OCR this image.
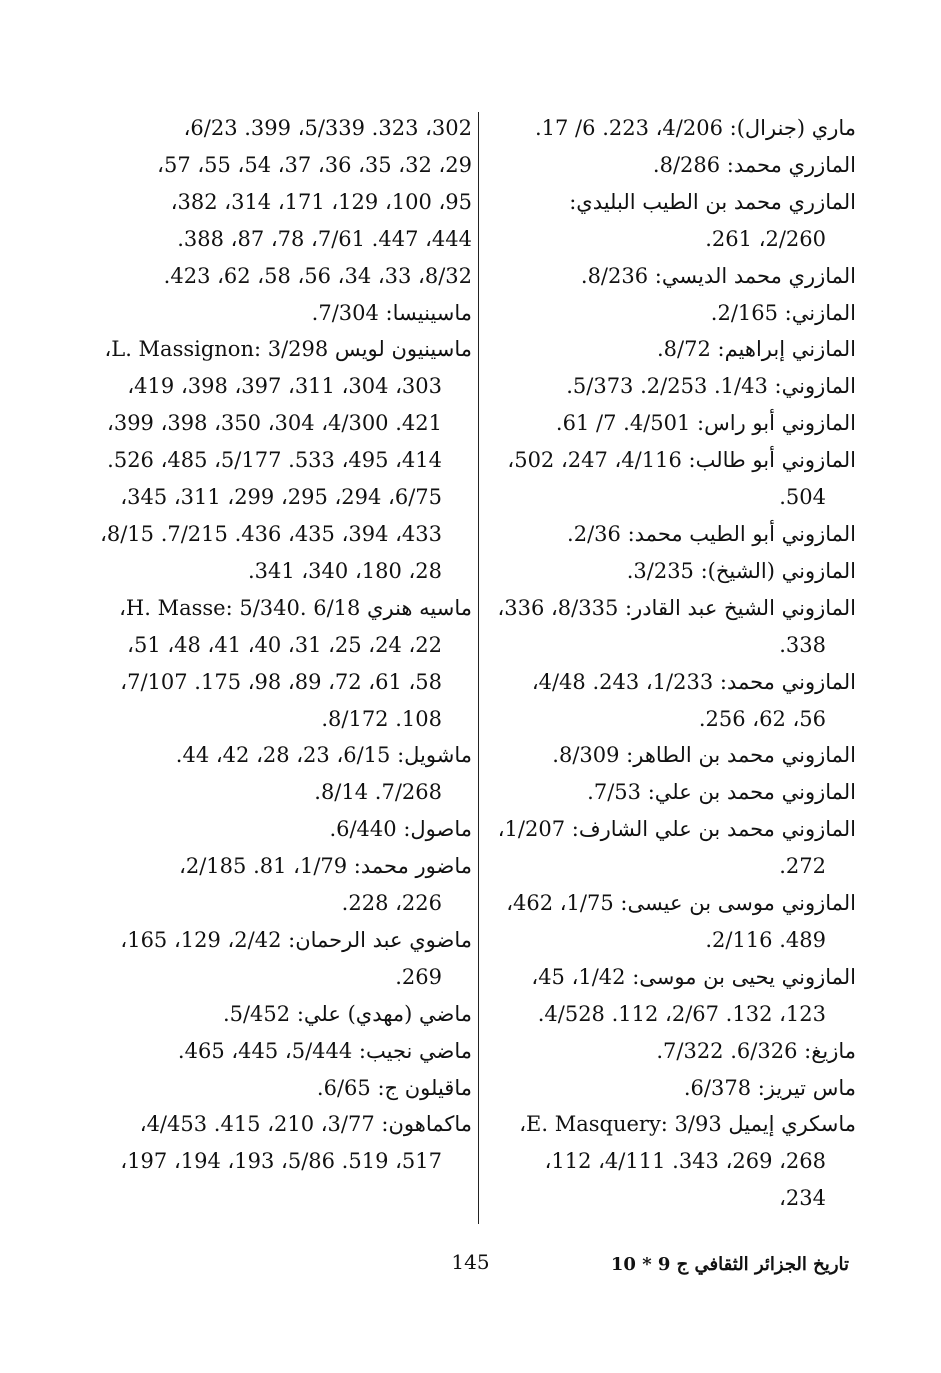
ماري (جنرال): 4/206، 223. 6/ 17.
المازري محمد: 8/286.
المازري محمد بن الطيب البليدي:
2/260، 261.
المازري محمد الديسي: 8/236.
المازني: 2/165.
المازني إبراهيم: 8/72.
المازوني: 1/43. 2/253. 5/373.
المازوني أبو راس: 4/501. 7/ 61.
المازوني أبو طالب: 4/116، 247، 502،
504.
المازوني أبو الطيب محمد: 2/36.
المازوني (الشيخ): 3/235.
المازوني الشيخ عبد القادر: 8/335، 336،
338.
المازوني محمد: 1/233، 243. 4/48،
56، 62، 256.
المازوني محمد بن الطاهر: 8/309.
المازوني محمد بن علي: 7/53.
المازوني محمد بن علي الشارف: 1/207،
272.
المازوني موسى بن عيسى: 1/75، 462،
489. 2/116.
المازوني يحيى بن موسى: 1/42، 45،
123، 132. 2/67، 112. 4/528.
مازيغ: 6/326. 7/322.
ماس تيريز: 6/378.
ماسكري إيميل E. Masquery: 3/93،
268، 269، 343. 4/111، 112، 234،
302، 323. 5/339، 399. 6/23،
29، 32، 35، 36، 37، 54، 55، 57،
95، 100، 129، 171، 314، 382،
444، 447. 7/61، 78، 87، 388.
8/32، 33، 34، 56، 58، 62، 423.
ماسينيسا: 7/304.
ماسينيون لويس L. Massignon: 3/298،
303، 304، 311، 397، 398، 419، 421. 4/300، 304، 350، 398، 399، 414، 495، 533. 5/177، 485، 526. 6/75، 294، 295، 299، 311، 345، 433، 394، 435، 436. 7/215. 8/15، 28، 180، 340، 341.
ماسيه هنري H. Masse: 5/340. 6/18،
22، 24، 25، 31، 40، 41، 48، 51، 58، 61، 72، 89، 98، 175. 7/107، 108. 8/172.
ماشويل: 6/15، 23، 28، 42، 44.
7/268. 8/14.
ماصول: 6/440.
ماضور محمد: 1/79، 81. 2/185،
226، 228.
ماضوي عبد الرحمان: 2/42، 129، 165،
269.
ماضي (مهدي) علي: 5/452.
ماضي نجيب: 5/444، 445، 465.
ماقيلون ج: 6/65.
ماكماهون: 3/77، 210، 415. 4/453،
517، 519. 5/86، 193، 194، 197،
145	تاريخ الجزائر الثقافي ج 9 * 10
